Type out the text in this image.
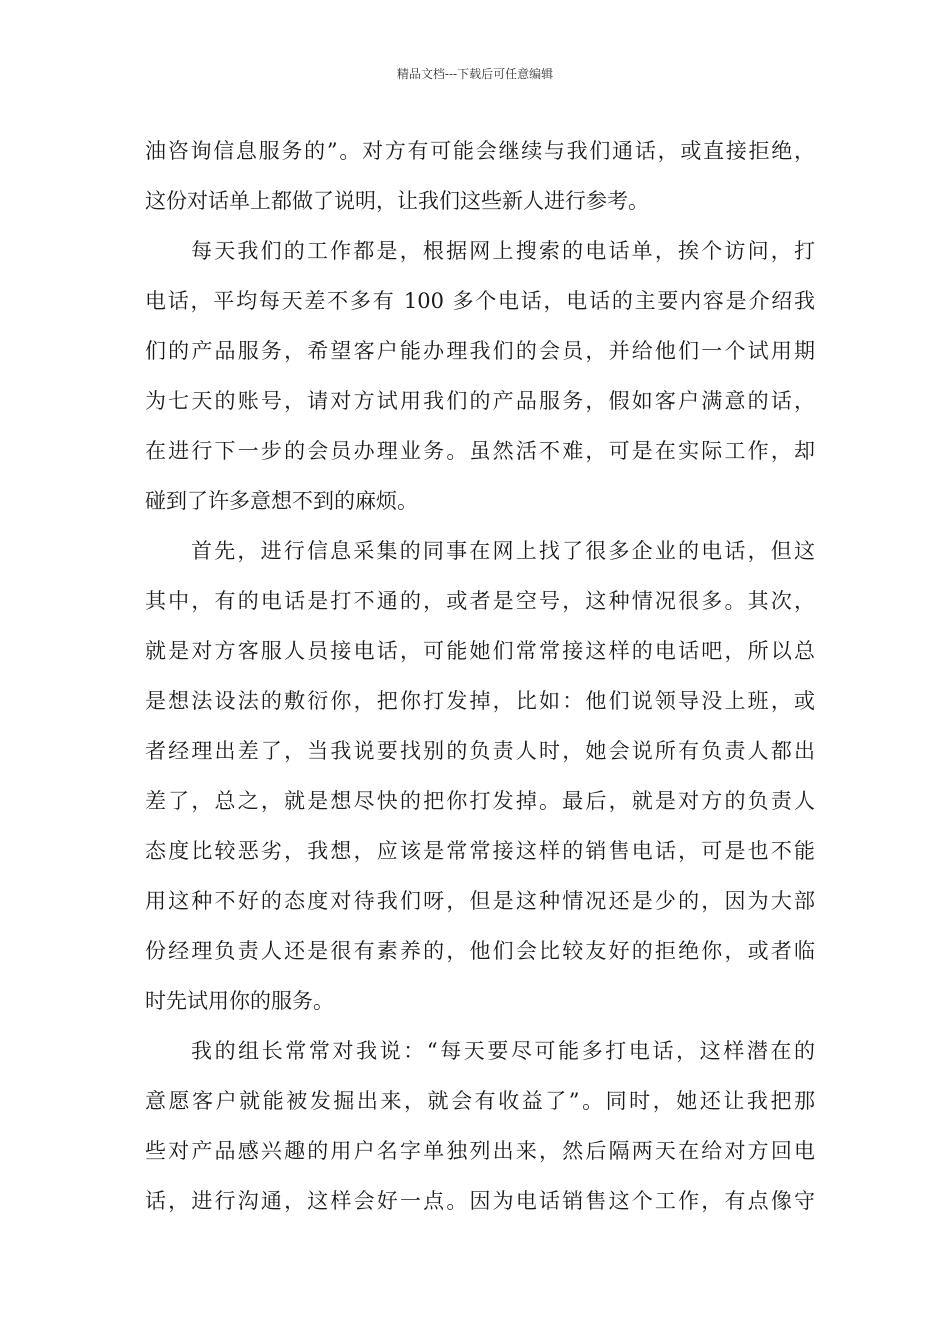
精品文档---下载后可任意编辑
油咨询信息服务的”。对方有可能会继续与我们通话，或直接拒绝，
这份对话单上都做了说明，让我们这些新人进行参考。
每天我们的工作都是，根据网上搜索的电话单，挨个访问，打
电话，平均每天差不多有 100 多个电话，电话的主要内容是介绍我
们的产品服务，希望客户能办理我们的会员，并给他们一个试用期
为七天的账号，请对方试用我们的产品服务，假如客户满意的话，
在进行下一步的会员办理业务。虽然活不难，可是在实际工作，却
碰到了许多意想不到的麻烦。
首先，进行信息采集的同事在网上找了很多企业的电话，但这
其中，有的电话是打不通的，或者是空号，这种情况很多。其次，
就是对方客服人员接电话，可能她们常常接这样的电话吧，所以总
是想法设法的敷衍你，把你打发掉，比如：他们说领导没上班，或
者经理出差了，当我说要找别的负责人时，她会说所有负责人都出
差了，总之，就是想尽快的把你打发掉。最后，就是对方的负责人
态度比较恶劣，我想，应该是常常接这样的销售电话，可是也不能
用这种不好的态度对待我们呀，但是这种情况还是少的，因为大部
份经理负责人还是很有素养的，他们会比较友好的拒绝你，或者临
时先试用你的服务。
我的组长常常对我说：“每天要尽可能多打电话，这样潜在的
意愿客户就能被发掘出来，就会有收益了”。同时，她还让我把那
些对产品感兴趣的用户名字单独列出来，然后隔两天在给对方回电
话，进行沟通，这样会好一点。因为电话销售这个工作，有点像守
